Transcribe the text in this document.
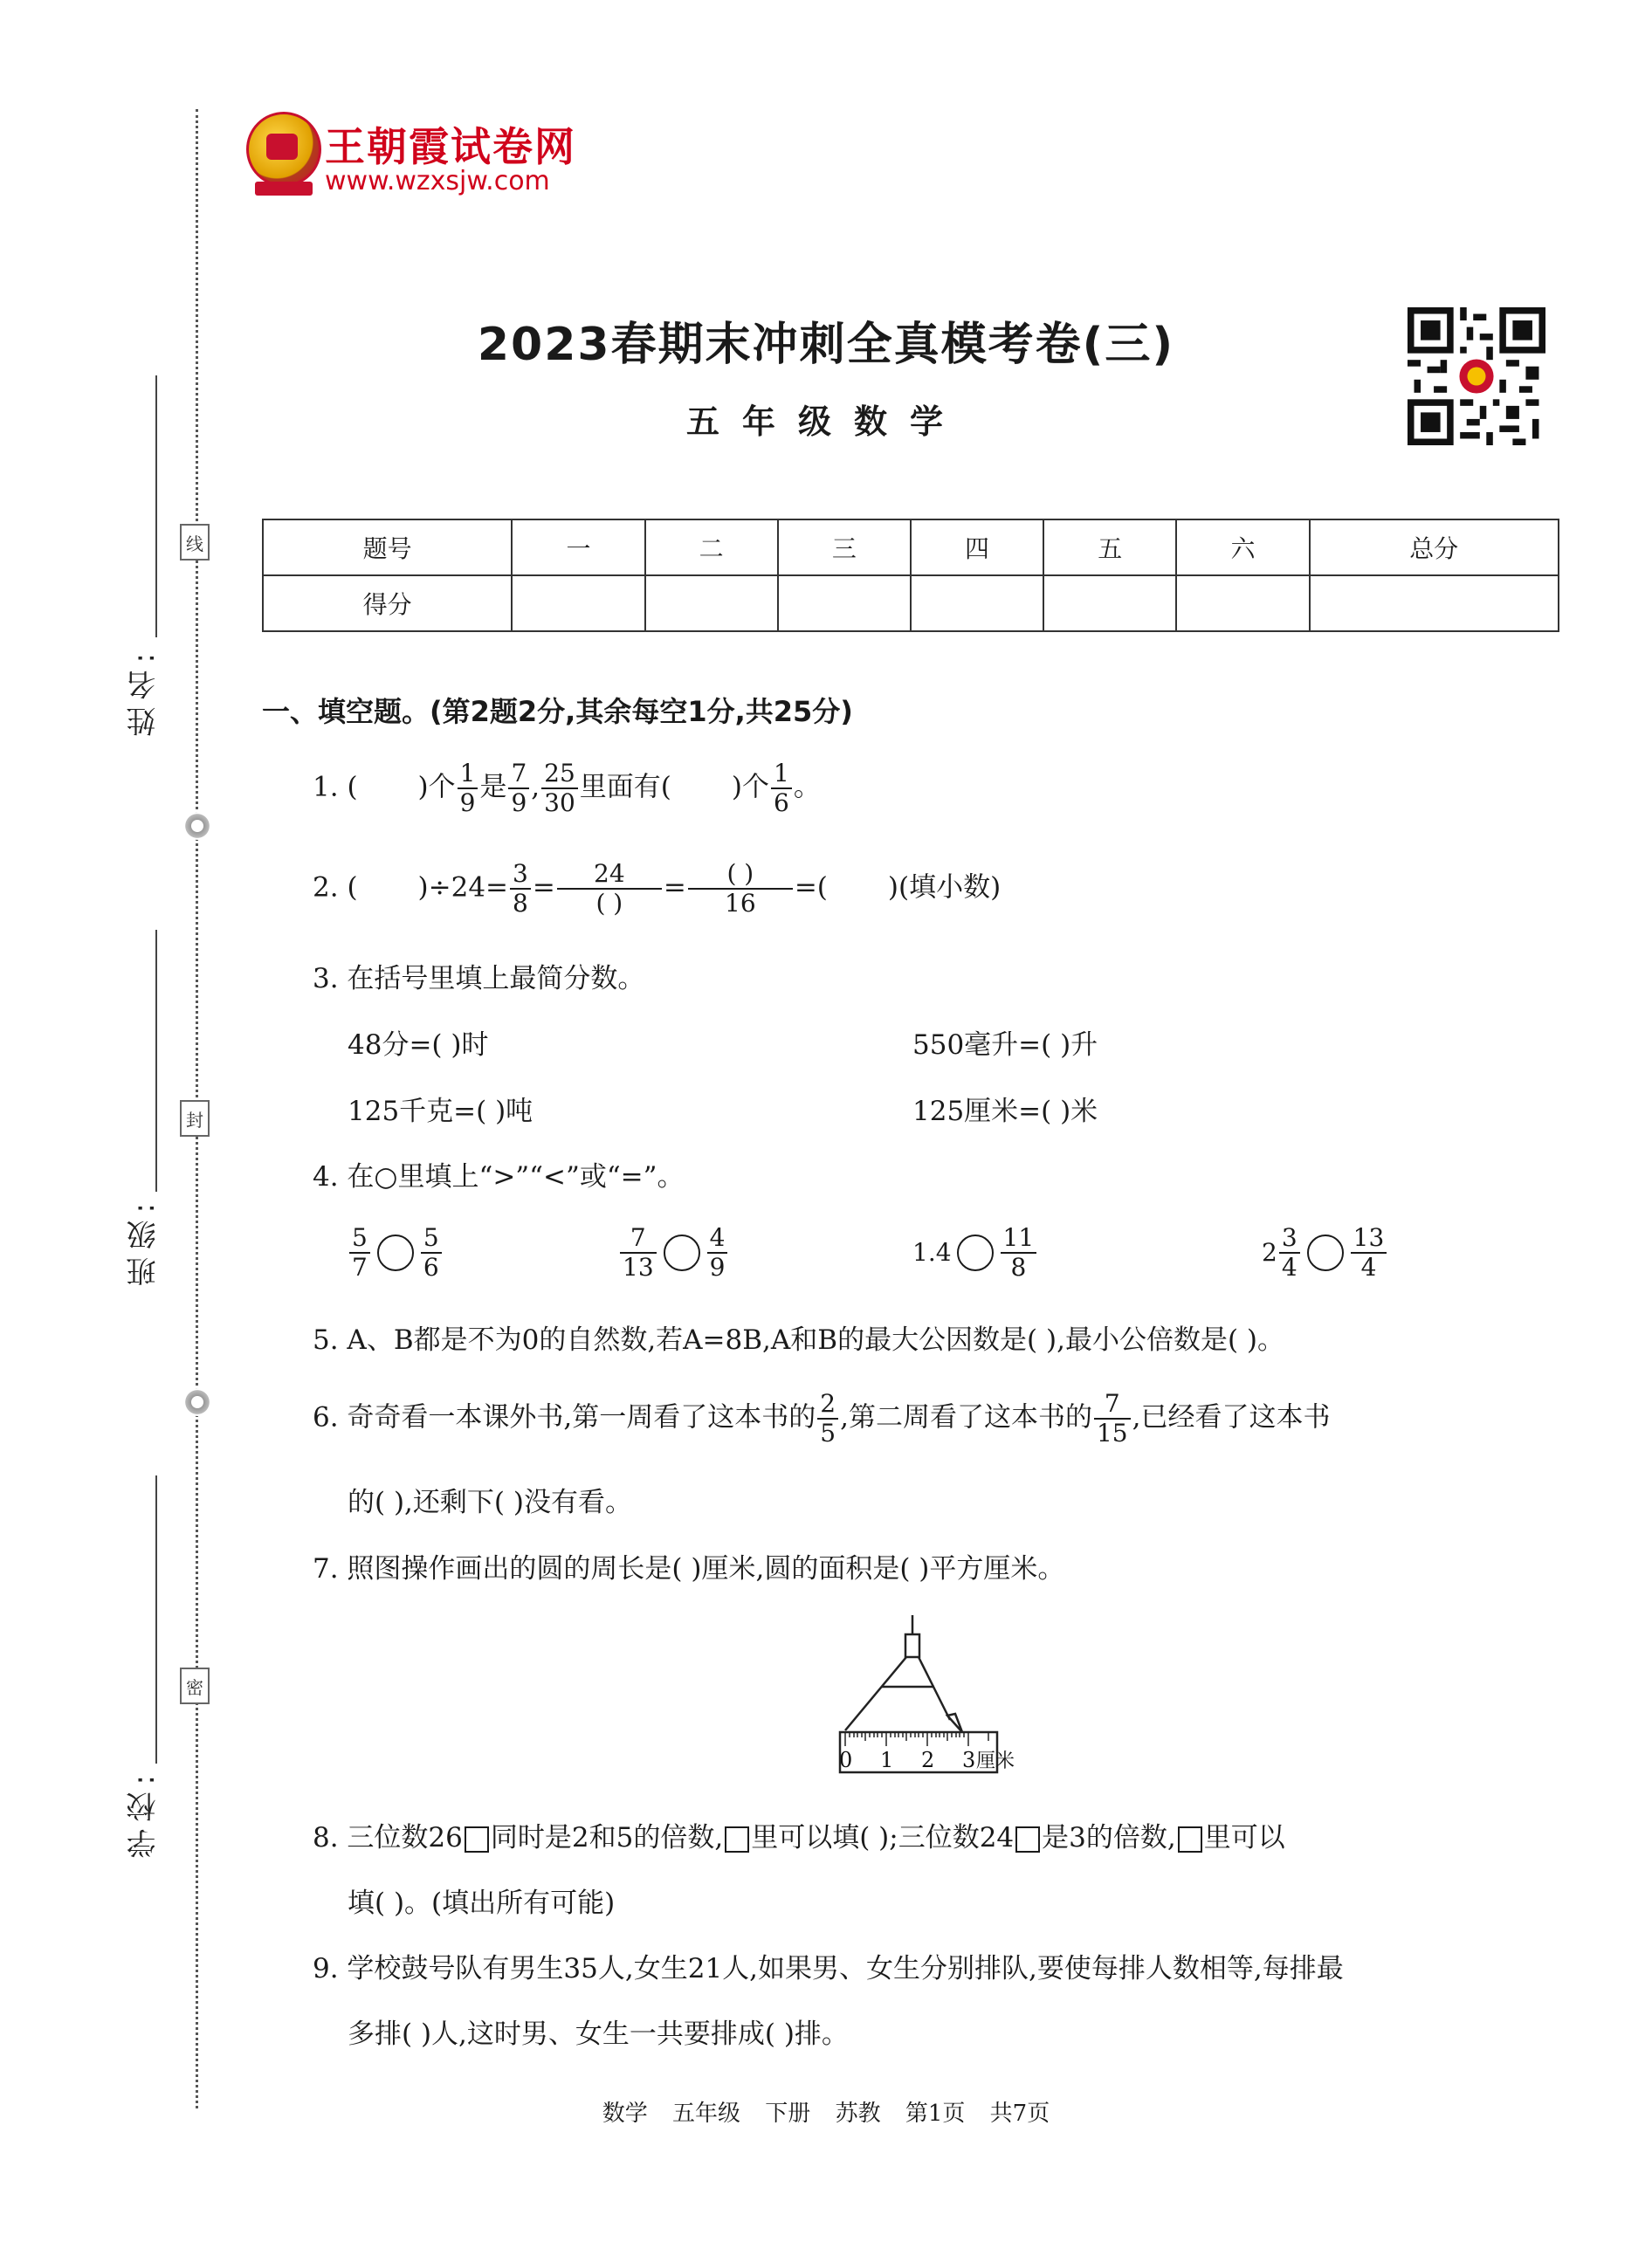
姓名:
班级:
学校:
线
封
密
王朝霞试卷网
www.wzxsjw.com
2023春期末冲刺全真模考卷(三)
五年级数学
题号	一	二	三	四	五	六	总分
得分							
一、填空题。(第2题2分,其余每空1分,共25分)
1. ( )个 $\frac{1}{9}$ 是 $\frac{7}{9}$ , $\frac{25}{30}$ 里面有( )个 $\frac{1}{6}$ 。
2. ( )$\div 24= \frac{3}{8} = \frac{24}{( )} = \frac{( )}{16}$ =( )(填小数)
3. 在括号里填上最简分数。
48分=( )时	550毫升=( )升
125千克=( )吨	125厘米=( )米
4. 在○里填上“>”“<”或“=”。
$\frac{5}{7} \frac{5}{6}$	$\frac{7}{13} \frac{4}{9}$	$1.4 \frac{11}{8}$	$2 \frac{3}{4} \frac{13}{4}$
5. A、B都是不为0的自然数,若A=8B,A和B的最大公因数是( ),最小公倍数是( )。
6. 奇奇看一本课外书,第一周看了这本书的 $\frac{2}{5}$ ,第二周看了这本书的 $\frac{7}{15}$ ,已经看了这本书
的( ),还剩下( )没有看。
7. 照图操作画出的圆的周长是( )厘米,圆的面积是( )平方厘米。
0 1 2 3 厘米
8. 三位数26 同时是2和5的倍数, 里可以填( );三位数24 是3的倍数, 里可以
填( )。(填出所有可能)
9. 学校鼓号队有男生35人,女生21人,如果男、女生分别排队,要使每排人数相等,每排最
多排( )人,这时男、女生一共要排成( )排。
数学 五年级 下册 苏教 第1页 共7页
